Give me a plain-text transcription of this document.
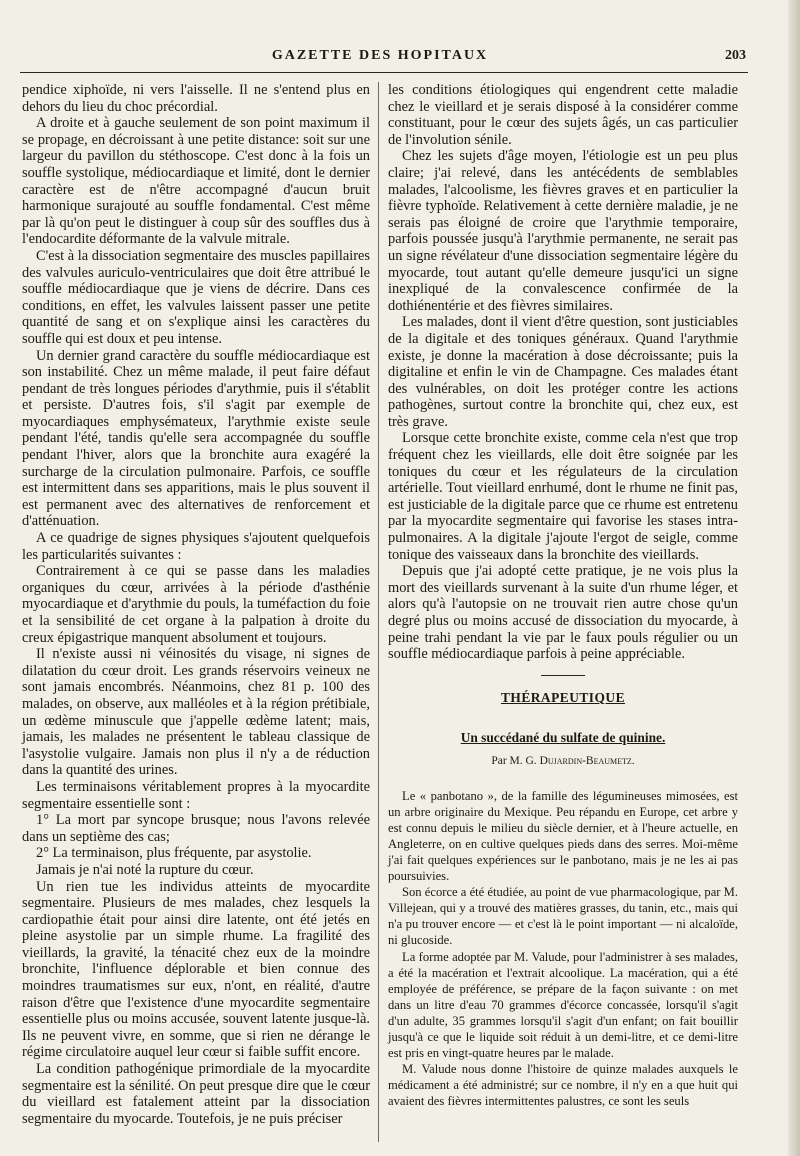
GAZETTE DES HOPITAUX	203

pendice xiphoïde, ni vers l'aisselle. Il ne s'entend plus en dehors du lieu du choc précordial.

A droite et à gauche seulement de son point maximum il se propage, en décroissant à une petite distance: soit sur une largeur du pavillon du stéthoscope. C'est donc à la fois un souffle systolique, médiocardiaque et limité, dont le dernier caractère est de n'être accompagné d'aucun bruit harmonique surajouté au souffle fondamental. C'est même par là qu'on peut le distinguer à coup sûr des souffles dus à l'endocardite déformante de la valvule mitrale.

C'est à la dissociation segmentaire des muscles papillaires des valvules auriculo-ventriculaires que doit être attribué le souffle médiocardiaque que je viens de décrire. Dans ces conditions, en effet, les valvules laissent passer une petite quantité de sang et on s'explique ainsi les caractères du souffle qui est doux et peu intense.

Un dernier grand caractère du souffle médiocardiaque est son instabilité. Chez un même malade, il peut faire défaut pendant de très longues périodes d'arythmie, puis il s'établit et persiste. D'autres fois, s'il s'agit par exemple de myocardiaques emphysémateux, l'arythmie existe seule pendant l'été, tandis qu'elle sera accompagnée du souffle pendant l'hiver, alors que la bronchite aura exagéré la surcharge de la circulation pulmonaire. Parfois, ce souffle est intermittent dans ses apparitions, mais le plus souvent il est permanent avec des alternatives de renforcement et d'atténuation.

A ce quadrige de signes physiques s'ajoutent quelquefois les particularités suivantes :

Contrairement à ce qui se passe dans les maladies organiques du cœur, arrivées à la période d'asthénie myocardiaque et d'arythmie du pouls, la tuméfaction du foie et la sensibilité de cet organe à la palpation à droite du creux épigastrique manquent absolument et toujours.

Il n'existe aussi ni véinosités du visage, ni signes de dilatation du cœur droit. Les grands réservoirs veineux ne sont jamais encombrés. Néanmoins, chez 81 p. 100 des malades, on observe, aux malléoles et à la région prétibiale, un œdème minuscule que j'appelle œdème latent; mais, jamais, les malades ne présentent le tableau classique de l'asystolie vulgaire. Jamais non plus il n'y a de réduction dans la quantité des urines.

Les terminaisons véritablement propres à la myocardite segmentaire essentielle sont :

1° La mort par syncope brusque; nous l'avons relevée dans un septième des cas;

2° La terminaison, plus fréquente, par asystolie.

Jamais je n'ai noté la rupture du cœur.

Un rien tue les individus atteints de myocardite segmentaire. Plusieurs de mes malades, chez lesquels la cardiopathie était pour ainsi dire latente, ont été jetés en pleine asystolie par un simple rhume. La fragilité des vieillards, la gravité, la ténacité chez eux de la moindre bronchite, l'influence déplorable et bien connue des moindres traumatismes sur eux, n'ont, en réalité, d'autre raison d'être que l'existence d'une myocardite segmentaire essentielle plus ou moins accusée, souvent latente jusque-là. Ils ne peuvent vivre, en somme, que si rien ne dérange le régime circulatoire auquel leur cœur si faible suffit encore.

La condition pathogénique primordiale de la myocardite segmentaire est la sénilité. On peut presque dire que le cœur du vieillard est fatalement atteint par la dissociation segmentaire du myocarde. Toutefois, je ne puis préciser

les conditions étiologiques qui engendrent cette maladie chez le vieillard et je serais disposé à la considérer comme constituant, pour le cœur des sujets âgés, un cas particulier de l'involution sénile.

Chez les sujets d'âge moyen, l'étiologie est un peu plus claire; j'ai relevé, dans les antécédents de semblables malades, l'alcoolisme, les fièvres graves et en particulier la fièvre typhoïde. Relativement à cette dernière maladie, je ne serais pas éloigné de croire que l'arythmie temporaire, parfois poussée jusqu'à l'arythmie permanente, ne serait pas un signe révélateur d'une dissociation segmentaire légère du myocarde, tout autant qu'elle demeure jusqu'ici un signe inexpliqué de la convalescence confirmée de la dothiénentérie et des fièvres similaires.

Les malades, dont il vient d'être question, sont justiciables de la digitale et des toniques généraux. Quand l'arythmie existe, je donne la macération à dose décroissante; puis la digitaline et enfin le vin de Champagne. Ces malades étant des vulnérables, on doit les protéger contre les actions pathogènes, surtout contre la bronchite qui, chez eux, est très grave.

Lorsque cette bronchite existe, comme cela n'est que trop fréquent chez les vieillards, elle doit être soignée par les toniques du cœur et les régulateurs de la circulation artérielle. Tout vieillard enrhumé, dont le rhume ne finit pas, est justiciable de la digitale parce que ce rhume est entretenu par la myocardite segmentaire qui favorise les stases intra-pulmonaires. A la digitale j'ajoute l'ergot de seigle, comme tonique des vaisseaux dans la bronchite des vieillards.

Depuis que j'ai adopté cette pratique, je ne vois plus la mort des vieillards survenant à la suite d'un rhume léger, et alors qu'à l'autopsie on ne trouvait rien autre chose qu'un degré plus ou moins accusé de dissociation du myocarde, à peine trahi pendant la vie par le faux pouls régulier ou un souffle médiocardiaque parfois à peine appréciable.

THÉRAPEUTIQUE
Un succédané du sulfate de quinine.
Par M. G. Dujardin-Beaumetz.

Le « panbotano », de la famille des légumineuses mimosées, est un arbre originaire du Mexique. Peu répandu en Europe, cet arbre y est connu depuis le milieu du siècle dernier, et à l'heure actuelle, en Angleterre, on en cultive quelques pieds dans des serres. Moi-même j'ai fait quelques expériences sur le panbotano, mais je ne les ai pas poursuivies.

Son écorce a été étudiée, au point de vue pharmacologique, par M. Villejean, qui y a trouvé des matières grasses, du tanin, etc., mais qui n'a pu trouver encore — et c'est là le point important — ni alcaloïde, ni glucoside.

La forme adoptée par M. Valude, pour l'administrer à ses malades, a été la macération et l'extrait alcoolique. La macération, qui a été employée de préférence, se prépare de la façon suivante : on met dans un litre d'eau 70 grammes d'écorce concassée, lorsqu'il s'agit d'un adulte, 35 grammes lorsqu'il s'agit d'un enfant; on fait bouillir jusqu'à ce que le liquide soit réduit à un demi-litre, et ce demi-litre est pris en vingt-quatre heures par le malade.

M. Valude nous donne l'histoire de quinze malades auxquels le médicament a été administré; sur ce nombre, il n'y en a que huit qui avaient des fièvres intermittentes palustres, ce sont les seuls
